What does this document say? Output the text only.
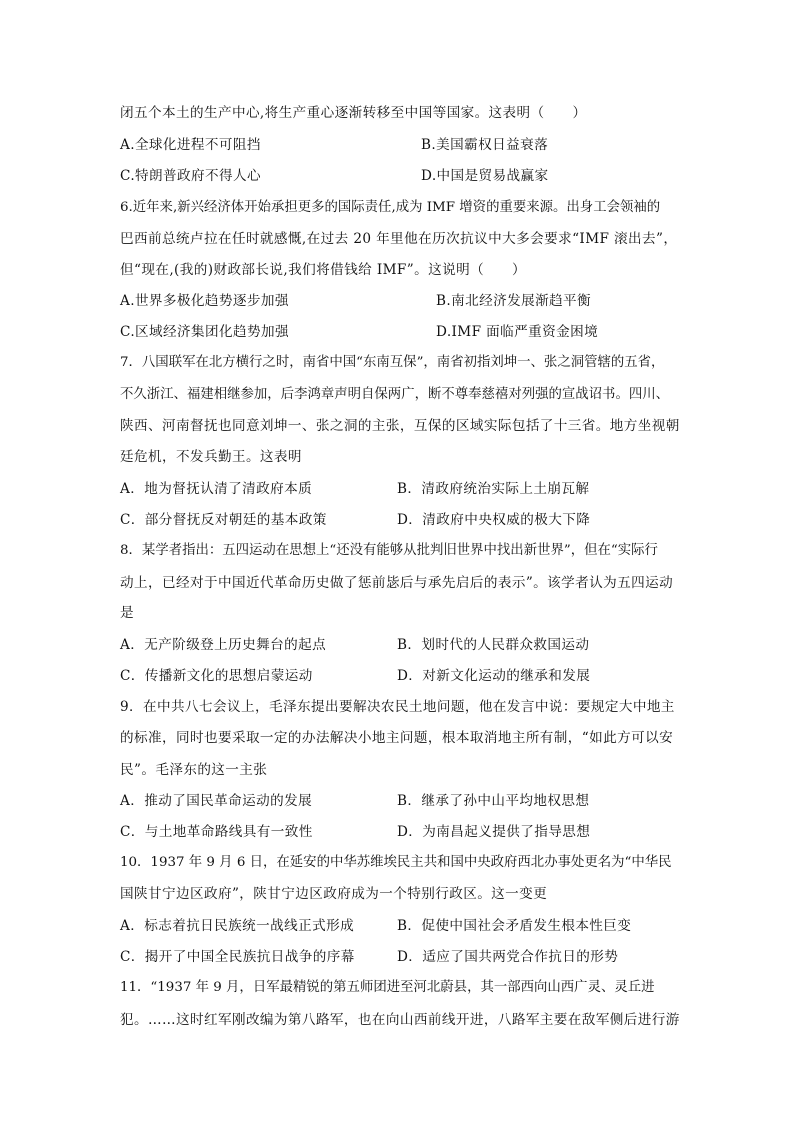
闭五个本土的生产中心,将生产重心逐渐转移至中国等国家。这表明（　　）
A.全球化进程不可阻挡	B.美国霸权日益衰落
C.特朗普政府不得人心	D.中国是贸易战赢家
6.近年来,新兴经济体开始承担更多的国际责任,成为 IMF 增资的重要来源。出身工会领袖的
巴西前总统卢拉在任时就感慨,在过去 20 年里他在历次抗议中大多会要求“IMF 滚出去”，
但“现在,(我的)财政部长说,我们将借钱给 IMF”。这说明（　　）
A.世界多极化趋势逐步加强	B.南北经济发展渐趋平衡
C.区域经济集团化趋势加强	D.IMF 面临严重资金困境
7．八国联军在北方横行之时，南省中国“东南互保”，南省初指刘坤一、张之洞管辖的五省，
不久浙江、福建相继参加，后李鸿章声明自保两广，断不尊奉慈禧对列强的宣战诏书。四川、
陕西、河南督抚也同意刘坤一、张之洞的主张，互保的区域实际包括了十三省。地方坐视朝
廷危机，不发兵勤王。这表明
A．地为督抚认清了清政府本质	B．清政府统治实际上土崩瓦解
C．部分督抚反对朝廷的基本政策	D．清政府中央权威的极大下降
8．某学者指出：五四运动在思想上“还没有能够从批判旧世界中找出新世界”，但在“实际行
动上，已经对于中国近代革命历史做了惩前毖后与承先启后的表示”。该学者认为五四运动
是
A．无产阶级登上历史舞台的起点	B．划时代的人民群众救国运动
C．传播新文化的思想启蒙运动	D．对新文化运动的继承和发展
9．在中共八七会议上，毛泽东提出要解决农民土地问题，他在发言中说：要规定大中地主
的标准，同时也要采取一定的办法解决小地主问题，根本取消地主所有制，“如此方可以安
民”。毛泽东的这一主张
A．推动了国民革命运动的发展	B．继承了孙中山平均地权思想
C．与土地革命路线具有一致性	D．为南昌起义提供了指导思想
10．1937 年 9 月 6 日，在延安的中华苏维埃民主共和国中央政府西北办事处更名为“中华民
国陕甘宁边区政府”，陕甘宁边区政府成为一个特别行政区。这一变更
A．标志着抗日民族统一战线正式形成	B．促使中国社会矛盾发生根本性巨变
C．揭开了中国全民族抗日战争的序幕	D．适应了国共两党合作抗日的形势
11．“1937 年 9 月，日军最精锐的第五师团进至河北蔚县，其一部西向山西广灵、灵丘进
犯。……这时红军刚改编为第八路军，也在向山西前线开进，八路军主要在敌军侧后进行游
